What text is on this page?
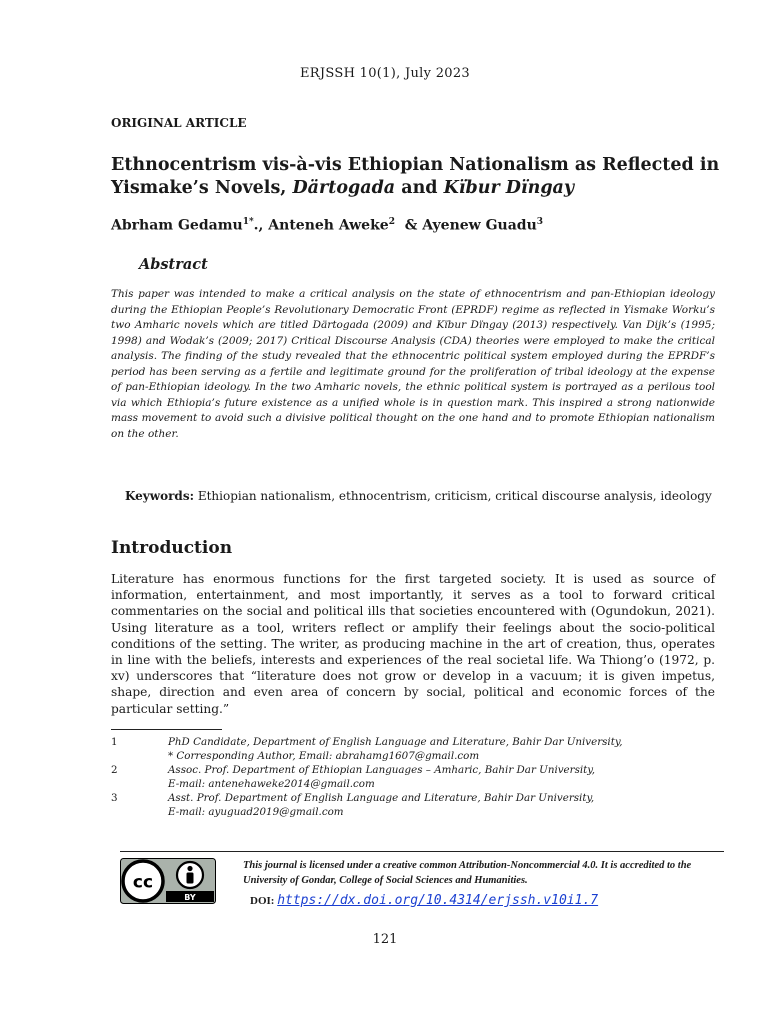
ERJSSH 10(1), July 2023
ORIGINAL ARTICLE
Ethnocentrism vis-à-vis Ethiopian Nationalism as Reflected in Yismake’s Novels, Därtogada and Kïbur Dïngay
Abrham Gedamu$^{1*}$., Anteneh Aweke$^2$  & Ayenew Guadu$^3$
Abstract
This paper was intended to make a critical analysis on the state of ethnocentrism and pan-Ethiopian ideology during the Ethiopian People’s Revolutionary Democratic Front (EPRDF) regime as reflected in Yismake Worku’s two Amharic novels which are titled Därtogada (2009) and Kïbur Dïngay (2013) respectively. Van Dijk’s (1995; 1998) and Wodak’s (2009; 2017) Critical Discourse Analysis (CDA) theories were employed to make the critical analysis. The finding of the study revealed that the ethnocentric political system employed during the EPRDF’s period has been serving as a fertile and legitimate ground for the proliferation of tribal ideology at the expense of pan-Ethiopian ideology. In the two Amharic novels, the ethnic political system is portrayed as a perilous tool via which Ethiopia’s future existence as a unified whole is in question mark. This inspired a strong nationwide mass movement to avoid such a divisive political thought on the one hand and to promote Ethiopian nationalism on the other.
Keywords: Ethiopian nationalism, ethnocentrism, criticism, critical discourse analysis, ideology
Introduction
Literature has enormous functions for the first targeted society. It is used as source of information, entertainment, and most importantly, it serves as a tool to forward critical commentaries on the social and political ills that societies encountered with (Ogundokun, 2021). Using literature as a tool, writers reflect or amplify their feelings about the socio-political conditions of the setting. The writer, as producing machine in the art of creation, thus, operates in line with the beliefs, interests and experiences of the real societal life. Wa Thiong’o (1972, p. xv) underscores that “literature does not grow or develop in a vacuum; it is given impetus, shape, direction and even area of concern by social, political and economic forces of the particular setting.”
1	PhD Candidate, Department of English Language and Literature, Bahir Dar University,
* Corresponding Author, Email: abrahamg1607@gmail.com
2	Assoc. Prof. Department of Ethiopian Languages – Amharic, Bahir Dar University,
E-mail: antenehaweke2014@gmail.com
3	Asst. Prof. Department of English Language and Literature, Bahir Dar University,
E-mail: ayuguad2019@gmail.com
cc
BY
This journal is licensed under a creative common Attribution-Noncommercial 4.0. It is accredited to the University of Gondar, College of Social Sciences and Humanities.
DOI: https://dx.doi.org/10.4314/erjssh.v10i1.7
121
